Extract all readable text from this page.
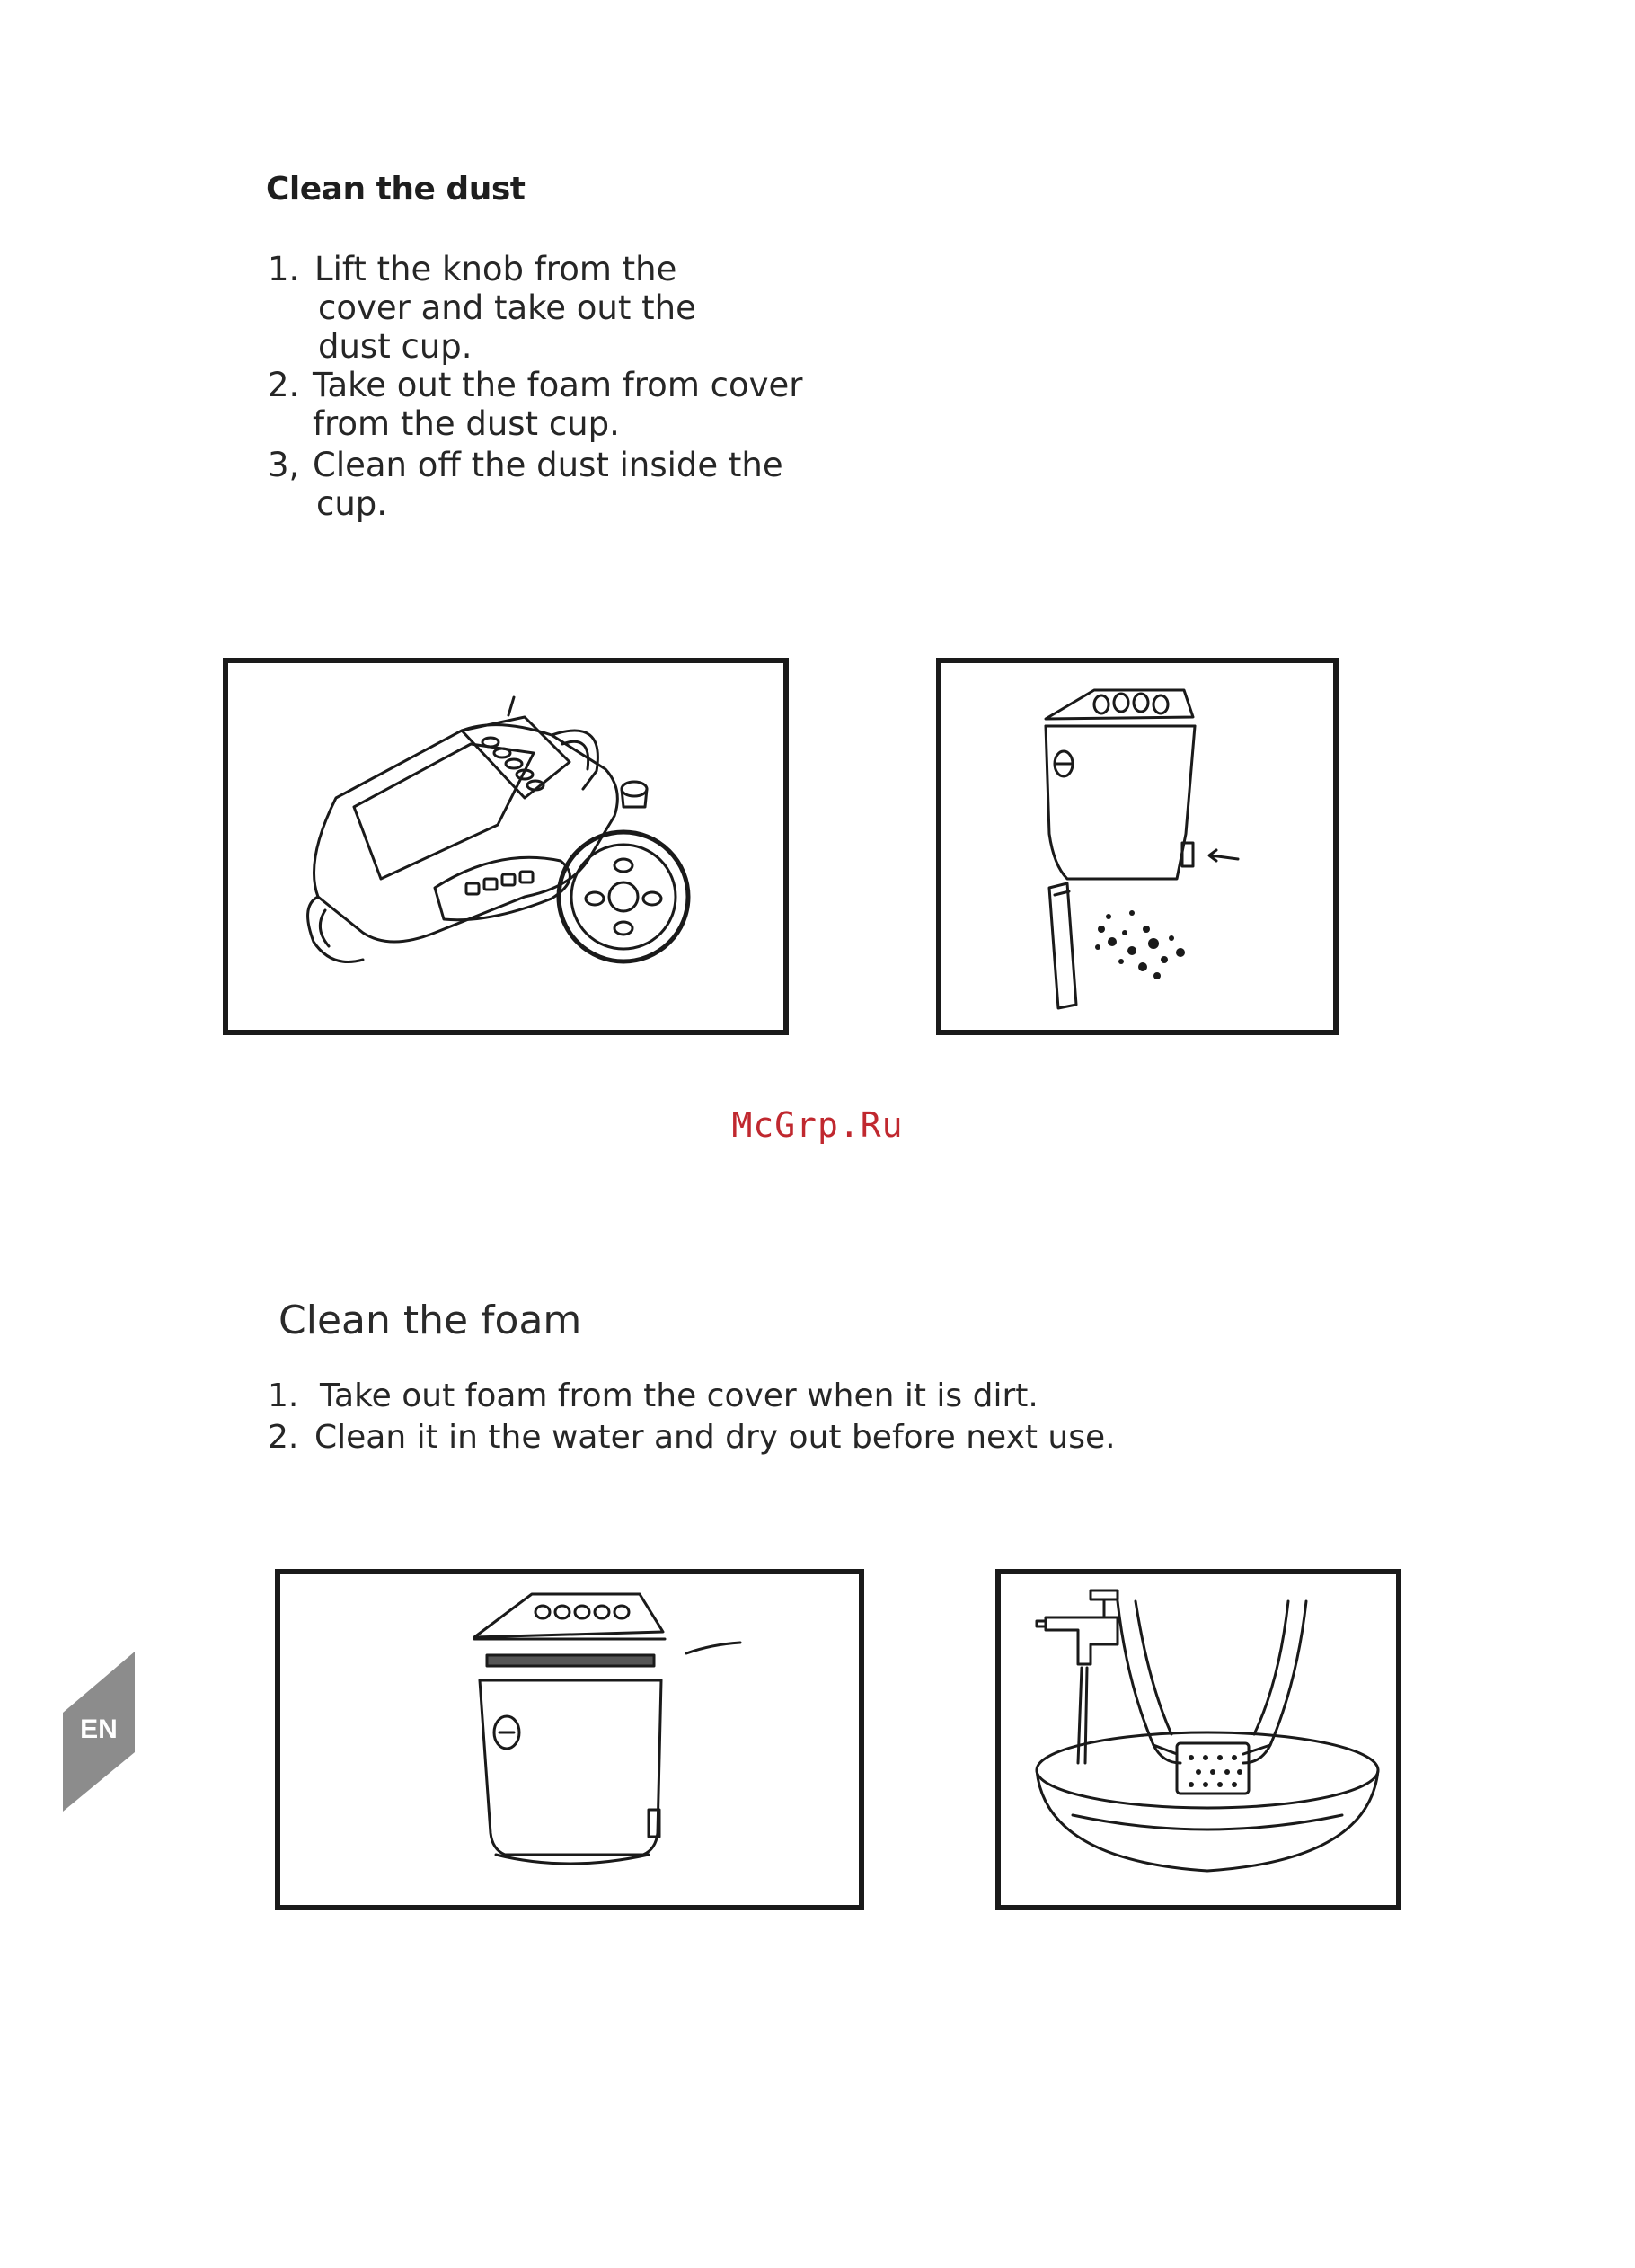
Clean the dust
1. Lift the knob from the
cover and take out the
dust cup.
2. Take out the foam from cover
from the dust cup.
3, Clean off the dust inside the
cup.
McGrp.Ru
Clean the foam
1. Take out foam from the cover when it is dirt.
2. Clean it in the water and dry out before next use.
EN
